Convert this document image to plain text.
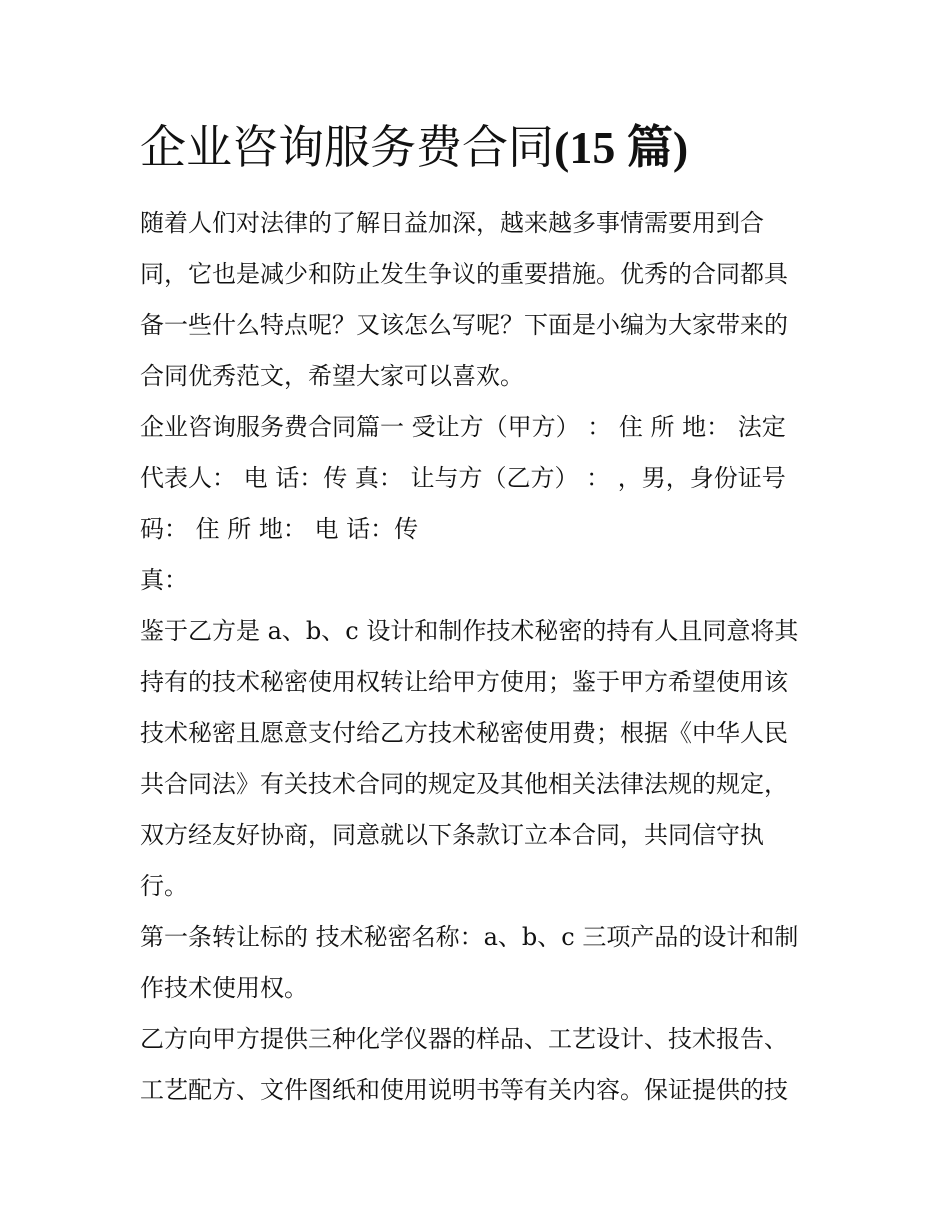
企业咨询服务费合同(15 篇)

随着人们对法律的了解日益加深，越来越多事情需要用到合
同，它也是减少和防止发生争议的重要措施。优秀的合同都具
备一些什么特点呢？又该怎么写呢？下面是小编为大家带来的
合同优秀范文，希望大家可以喜欢。

企业咨询服务费合同篇一 受让方（甲方） ： 住 所 地： 法定
代表人： 电 话：传 真： 让与方（乙方） ： ，男，身份证号
码： 住 所 地： 电 话：传
真：

鉴于乙方是 a、b、c 设计和制作技术秘密的持有人且同意将其
持有的技术秘密使用权转让给甲方使用；鉴于甲方希望使用该
技术秘密且愿意支付给乙方技术秘密使用费；根据《中华人民
共合同法》有关技术合同的规定及其他相关法律法规的规定，
双方经友好协商，同意就以下条款订立本合同，共同信守执
行。

第一条转让标的 技术秘密名称：a、b、c 三项产品的设计和制
作技术使用权。

乙方向甲方提供三种化学仪器的样品、工艺设计、技术报告、
工艺配方、文件图纸和使用说明书等有关内容。保证提供的技
